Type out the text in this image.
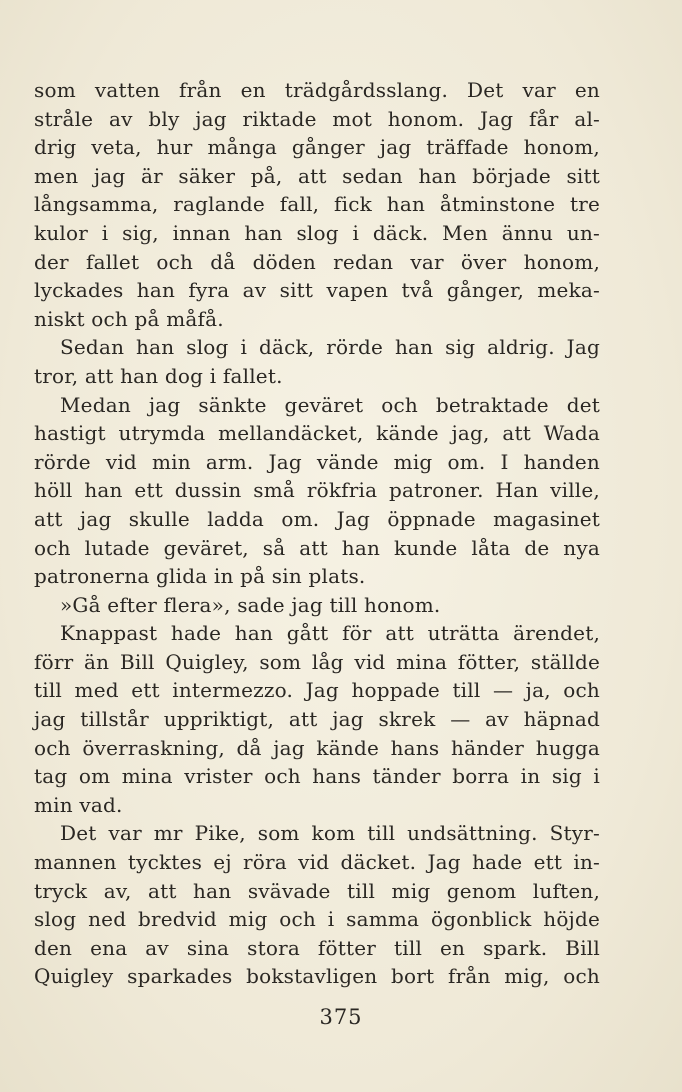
som vatten från en trädgårdsslang. Det var en
stråle av bly jag riktade mot honom. Jag får al-
drig veta, hur många gånger jag träffade honom,
men jag är säker på, att sedan han började sitt
långsamma, raglande fall, fick han åtminstone tre
kulor i sig, innan han slog i däck. Men ännu un-
der fallet och då döden redan var över honom,
lyckades han fyra av sitt vapen två gånger, meka-
niskt och på måfå.
Sedan han slog i däck, rörde han sig aldrig. Jag
tror, att han dog i fallet.
Medan jag sänkte geväret och betraktade det
hastigt utrymda mellandäcket, kände jag, att Wada
rörde vid min arm. Jag vände mig om. I handen
höll han ett dussin små rökfria patroner. Han ville,
att jag skulle ladda om. Jag öppnade magasinet
och lutade geväret, så att han kunde låta de nya
patronerna glida in på sin plats.
»Gå efter flera», sade jag till honom.
Knappast hade han gått för att uträtta ärendet,
förr än Bill Quigley, som låg vid mina fötter, ställde
till med ett intermezzo. Jag hoppade till — ja, och
jag tillstår uppriktigt, att jag skrek — av häpnad
och överraskning, då jag kände hans händer hugga
tag om mina vrister och hans tänder borra in sig i
min vad.
Det var mr Pike, som kom till undsättning. Styr-
mannen tycktes ej röra vid däcket. Jag hade ett in-
tryck av, att han svävade till mig genom luften,
slog ned bredvid mig och i samma ögonblick höjde
den ena av sina stora fötter till en spark. Bill
Quigley sparkades bokstavligen bort från mig, och
375
